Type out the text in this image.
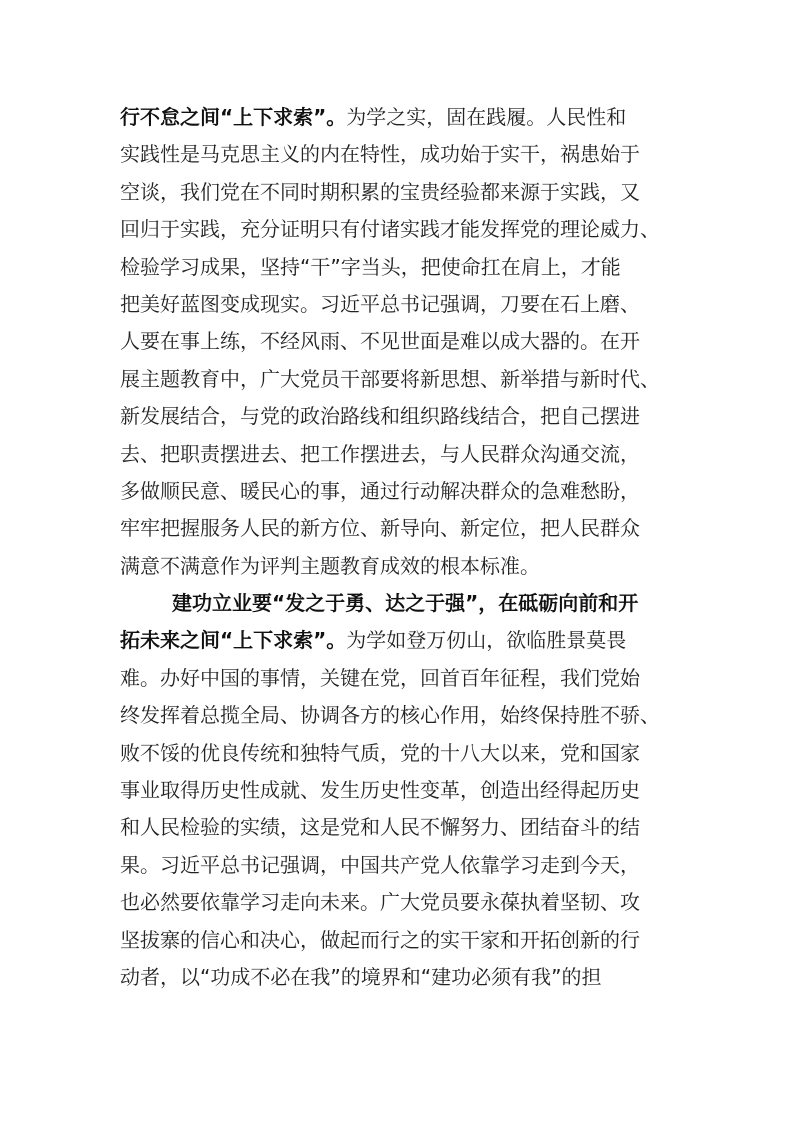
行不怠之间“上下求索”。为学之实，固在践履。人民性和
实践性是马克思主义的内在特性，成功始于实干，祸患始于
空谈，我们党在不同时期积累的宝贵经验都来源于实践，又
回归于实践，充分证明只有付诸实践才能发挥党的理论威力、
检验学习成果，坚持“干”字当头，把使命扛在肩上，才能
把美好蓝图变成现实。习近平总书记强调，刀要在石上磨、
人要在事上练，不经风雨、不见世面是难以成大器的。在开
展主题教育中，广大党员干部要将新思想、新举措与新时代、
新发展结合，与党的政治路线和组织路线结合，把自己摆进
去、把职责摆进去、把工作摆进去，与人民群众沟通交流，
多做顺民意、暖民心的事，通过行动解决群众的急难愁盼，
牢牢把握服务人民的新方位、新导向、新定位，把人民群众
满意不满意作为评判主题教育成效的根本标准。
建功立业要“发之于勇、达之于强”，在砥砺向前和开
拓未来之间“上下求索”。为学如登万仞山，欲临胜景莫畏
难。办好中国的事情，关键在党，回首百年征程，我们党始
终发挥着总揽全局、协调各方的核心作用，始终保持胜不骄、
败不馁的优良传统和独特气质，党的十八大以来，党和国家
事业取得历史性成就、发生历史性变革，创造出经得起历史
和人民检验的实绩，这是党和人民不懈努力、团结奋斗的结
果。习近平总书记强调，中国共产党人依靠学习走到今天，
也必然要依靠学习走向未来。广大党员要永葆执着坚韧、攻
坚拔寨的信心和决心，做起而行之的实干家和开拓创新的行
动者，以“功成不必在我”的境界和“建功必须有我”的担
